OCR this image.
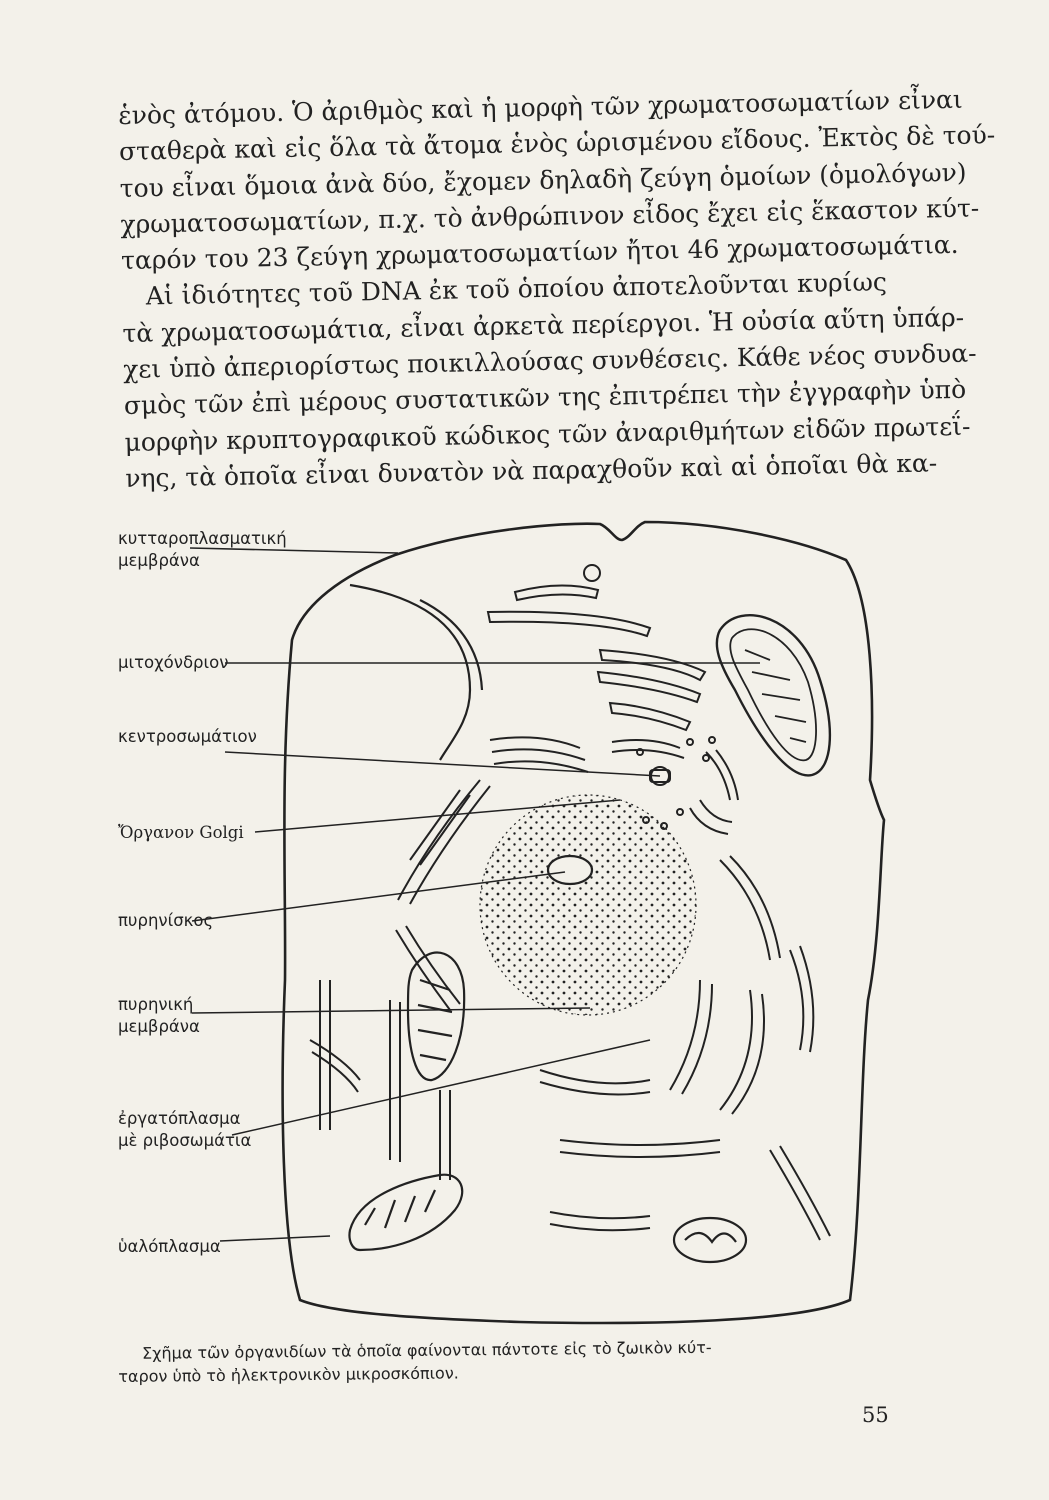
ἑνὸς ἀτόμου. Ὁ ἀριθμὸς καὶ ἡ μορφὴ τῶν χρωματοσωματίων εἶναι
σταθερὰ καὶ εἰς ὅλα τὰ ἄτομα ἑνὸς ὡρισμένου εἴδους. Ἐκτὸς δὲ τού-
του εἶναι ὅμοια ἀνὰ δύο, ἔχομεν δηλαδὴ ζεύγη ὁμοίων (ὁμολόγων)
χρωματοσωματίων, π.χ. τὸ ἀνθρώπινον εἶδος ἔχει εἰς ἕκαστον κύτ-
ταρόν του 23 ζεύγη χρωματοσωματίων ἤτοι 46 χρωματοσωμάτια.
Αἱ ἰδιότητες τοῦ DNA ἐκ τοῦ ὁποίου ἀποτελοῦνται κυρίως
τὰ χρωματοσωμάτια, εἶναι ἀρκετὰ περίεργοι. Ἡ οὐσία αὕτη ὑπάρ-
χει ὑπὸ ἀπεριορίστως ποικιλλούσας συνθέσεις. Κάθε νέος συνδυα-
σμὸς τῶν ἐπὶ μέρους συστατικῶν της ἐπιτρέπει τὴν ἐγγραφὴν ὑπὸ
μορφὴν κρυπτογραφικοῦ κώδικος τῶν ἀναριθμήτων εἰδῶν πρωτεΐ-
νης, τὰ ὁποῖα εἶναι δυνατὸν νὰ παραχθοῦν καὶ αἱ ὁποῖαι θὰ κα-
κυτταροπλασματική
μεμβράνα
μιτοχόνδριον
κεντροσωμάτιον
Ὄργανον Golgi
πυρηνίσκος
πυρηνική
μεμβράνα
ἐργατόπλασμα
μὲ ριβοσωμάτια
ὑαλόπλασμα
Σχῆμα τῶν ὀργανιδίων τὰ ὁποῖα φαίνονται πάντοτε εἰς τὸ ζωικὸν κύτ-
ταρον ὑπὸ τὸ ἠλεκτρονικὸν μικροσκόπιον.
55
